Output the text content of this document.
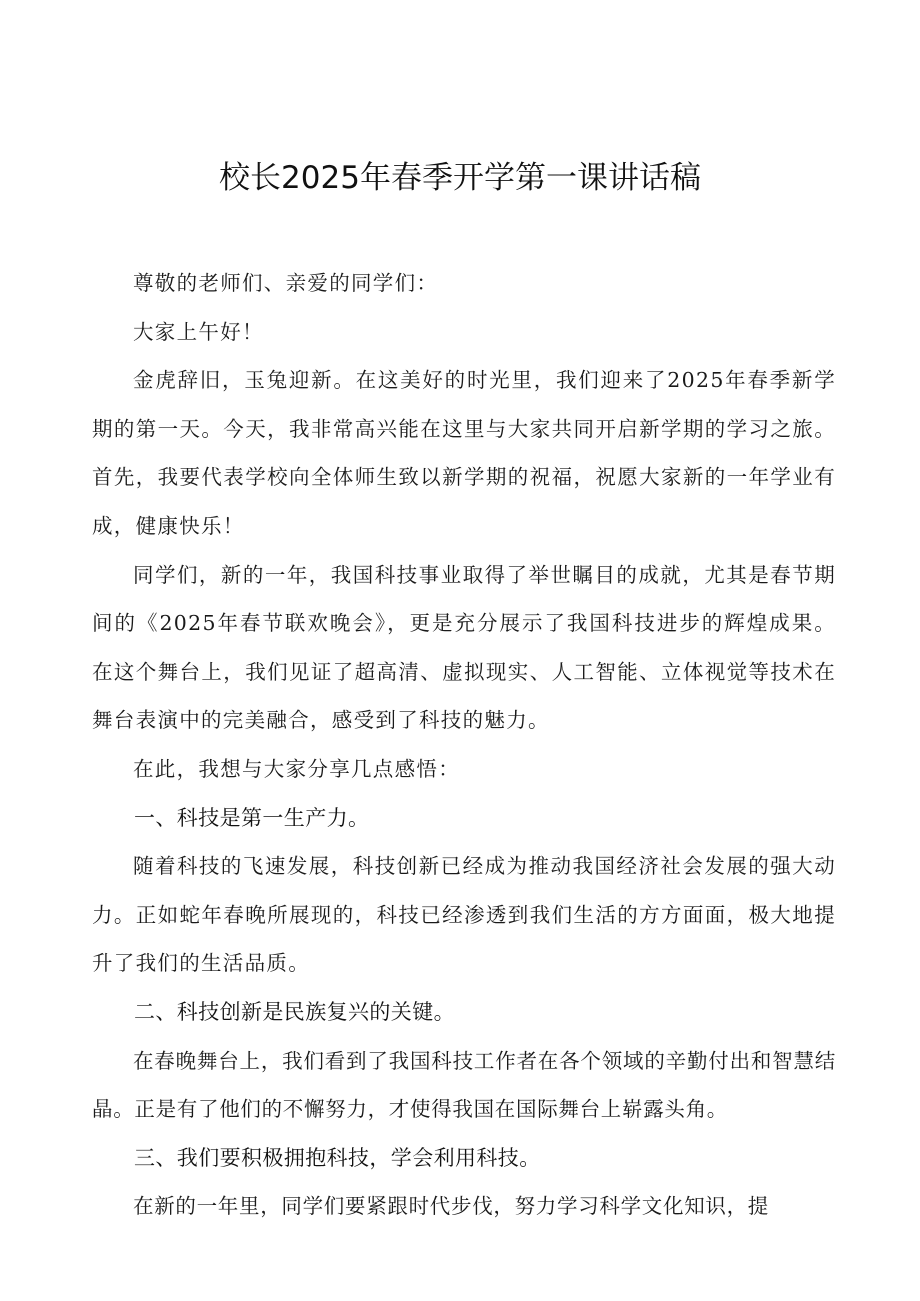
校长2025年春季开学第一课讲话稿

尊敬的老师们、亲爱的同学们：

大家上午好！

金虎辞旧，玉兔迎新。在这美好的时光里，我们迎来了2025年春季新学期的第一天。今天，我非常高兴能在这里与大家共同开启新学期的学习之旅。首先，我要代表学校向全体师生致以新学期的祝福，祝愿大家新的一年学业有成，健康快乐！

同学们，新的一年，我国科技事业取得了举世瞩目的成就，尤其是春节期间的《2025年春节联欢晚会》，更是充分展示了我国科技进步的辉煌成果。在这个舞台上，我们见证了超高清、虚拟现实、人工智能、立体视觉等技术在舞台表演中的完美融合，感受到了科技的魅力。

在此，我想与大家分享几点感悟：

一、科技是第一生产力。

随着科技的飞速发展，科技创新已经成为推动我国经济社会发展的强大动力。正如蛇年春晚所展现的，科技已经渗透到我们生活的方方面面，极大地提升了我们的生活品质。

二、科技创新是民族复兴的关键。

在春晚舞台上，我们看到了我国科技工作者在各个领域的辛勤付出和智慧结晶。正是有了他们的不懈努力，才使得我国在国际舞台上崭露头角。

三、我们要积极拥抱科技，学会利用科技。

在新的一年里，同学们要紧跟时代步伐，努力学习科学文化知识，提
